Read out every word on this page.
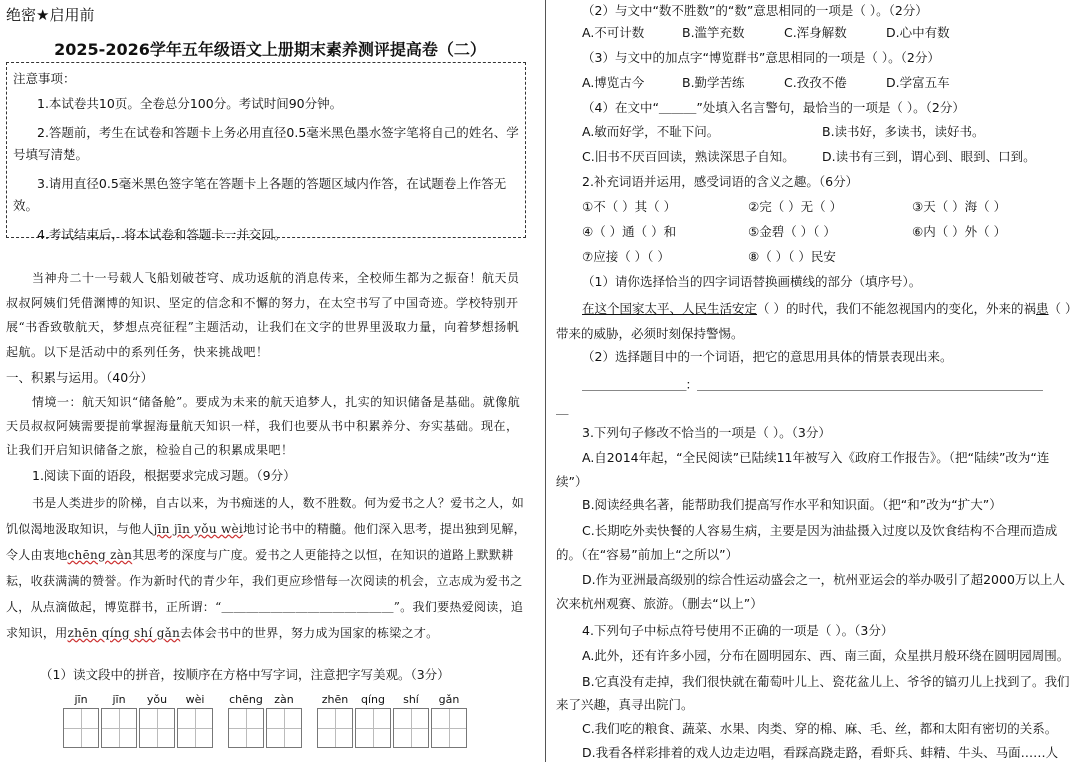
绝密★启用前
2025-2026学年五年级语文上册期末素养测评提高卷（二）
注意事项：

1.本试卷共10页。全卷总分100分。考试时间90分钟。

2.答题前，考生在试卷和答题卡上务必用直径0.5毫米黑色墨水签字笔将自己的姓名、学号填写清楚。

3.请用直径0.5毫米黑色签字笔在答题卡上各题的答题区域内作答，在试题卷上作答无效。

4.考试结束后，将本试卷和答题卡一并交回。

当神舟二十一号载人飞船划破苍穹、成功返航的消息传来，全校师生都为之振奋！航天员叔叔阿姨们凭借渊博的知识、坚定的信念和不懈的努力，在太空书写了中国奇迹。学校特别开展“书香致敬航天，梦想点亮征程”主题活动，让我们在文字的世界里汲取力量，向着梦想扬帆起航。以下是活动中的系列任务，快来挑战吧！
一、积累与运用。（40分）
情境一：航天知识“储备舱”。要成为未来的航天追梦人，扎实的知识储备是基础。就像航天员叔叔阿姨需要提前掌握海量航天知识一样，我们也要从书中积累养分、夯实基础。现在，让我们开启知识储备之旅，检验自己的积累成果吧！
1.阅读下面的语段，根据要求完成习题。（9分）
书是人类进步的阶梯，自古以来，为书痴迷的人，数不胜数。何为爱书之人？爱书之人，如饥似渴地汲取知识，与他人jīn jīn yǒu wèi地讨论书中的精髓。他们深入思考，提出独到见解，令人由衷地chēng zàn其思考的深度与广度。爱书之人更能持之以恒，在知识的道路上默默耕耘，收获满满的赞誉。作为新时代的青少年，我们更应珍惜每一次阅读的机会，立志成为爱书之人，从点滴做起，博览群书，正所谓：“＿＿＿＿＿＿＿＿＿＿＿＿＿＿”。我们要热爱阅读，追求知识，用zhēn qíng shí gǎn去体会书中的世界，努力成为国家的栋梁之才。
（1）读文段中的拼音，按顺序在方格中写字词，注意把字写美观。（3分）
jīn	jīn	yǒu	wèi	chēng	zàn	zhēn	qíng	shí	gǎn
（2）与文中“数不胜数”的“数”意思相同的一项是（ ）。（2分）
A.不可计数	B.滥竽充数	C.浑身解数	D.心中有数
（3）与文中的加点字“博览群书”意思相同的一项是（ ）。（2分）
A.博览古今	B.勤学苦练	C.孜孜不倦	D.学富五车
（4）在文中“＿＿＿”处填入名言警句，最恰当的一项是（ ）。（2分）
A.敏而好学，不耻下问。	B.读书好，多读书，读好书。
C.旧书不厌百回读，熟读深思子自知。 D.读书有三到，谓心到、眼到、口到。
2.补充词语并运用，感受词语的含义之趣。（6分）
①不（ ）其（ ）	②完（ ）无（ ）	③天（ ）海（ ）
④（ ）通（ ）和	⑤金碧（ ）（ ）	⑥内（ ）外（ ）
⑦应接（ ）（ ）	⑧（ ）（ ）民安
（1）请你选择恰当的四字词语替换画横线的部分（填序号）。
在这个国家太平、人民生活安定（ ）的时代，我们不能忽视国内的变化，外来的祸患（ ）带来的威胁，必须时刻保持警惕。
（2）选择题目中的一个词语，把它的意思用具体的情景表现出来。
＿＿＿＿＿＿＿＿＿：＿＿＿＿＿＿＿＿＿＿＿＿＿＿＿＿＿＿＿＿＿＿＿＿＿＿＿＿＿＿
＿
3.下列句子修改不恰当的一项是（ ）。（3分）
A.自2014年起，“全民阅读”已陆续11年被写入《政府工作报告》。（把“陆续”改为“连续”）
B.阅读经典名著，能帮助我们提高写作水平和知识面。（把“和”改为“扩大”）
C.长期吃外卖快餐的人容易生病，主要是因为油盐摄入过度以及饮食结构不合理而造成的。（在“容易”前加上“之所以”）
D.作为亚洲最高级别的综合性运动盛会之一，杭州亚运会的举办吸引了超2000万以上人次来杭州观赛、旅游。（删去“以上”）
4.下列句子中标点符号使用不正确的一项是（ ）。（3分）
A.此外，还有许多小园，分布在圆明园东、西、南三面，众星拱月般环绕在圆明园周围。
B.它真没有走掉，我们很快就在葡萄叶儿上、瓷花盆儿上、爷爷的镐刃儿上找到了。我们来了兴趣，真寻出院门。
C.我们吃的粮食、蔬菜、水果、肉类、穿的棉、麻、毛、丝，都和太阳有密切的关系。
D.我看各样彩排着的戏人边走边唱，看踩高跷走路，看虾兵、蚌精、牛头、马面……人
